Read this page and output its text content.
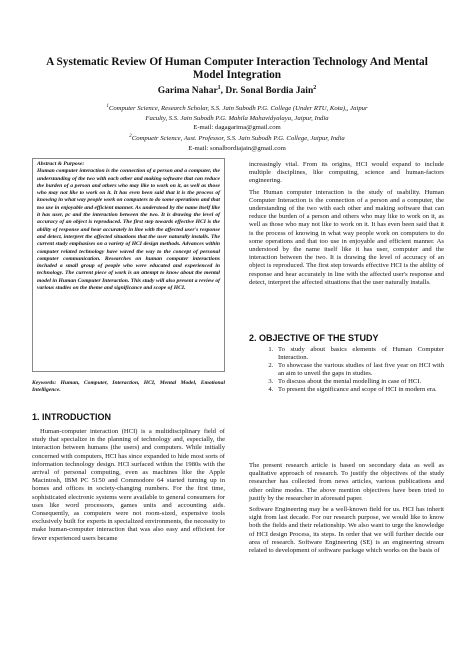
A Systematic Review Of Human Computer Interaction Technology And Mental Model Integration

Garima Nahar$^1$, Dr. Sonal Bordia Jain$^2$

$^1$Computer Science, Research Scholar, S.S. Jain Subodh P.G. College (Under RTU, Kota),, Jaipur
Faculty, S.S. Jain Subodh P.G. Mahila Mahavidyalaya, Jaipur, India
E-mail: dagagarima@gmail.com
$^2$Compuetr Science, Asst. Professor, S.S. Jain Subodh P.G. College, Jaipur, India
E-mail: sonalbordiajain@gmail.com
Abstract & Purpose:
Human computer interaction is the connection of a person and a computer, the understanding of the two with each other and making software that can reduce the burden of a person and others who may like to work on it, as well as those who may not like to work on it. It has even been said that it is the process of knowing in what way people work on computers to do some operations and that too use in enjoyable and efficient manner. As understood by the name itself like it has user, pc and the interaction between the two. It is drawing the level of accuracy of an object is reproduced. The first step towards effective HCI is the ability of response and hear accurately in line with the affected user's response and detect, interpret the affected situations that the user naturally installs. The current study emphasises on a variety of HCI design methods. Advances within computer related technology have waved the way to the concept of personal computer communication. Researches on human computer interactions included a small group of people who were educated and experienced in technology. The current piece of work is an attempt to know about the mental model in Human Computer Interaction. This study will also present a review of various studies on the theme and significance and scope of HCI.
Keywords: Human, Computer, Interaction, HCI, Mental Model, Emotional Intelligence.
1. INTRODUCTION

Human-computer interaction (HCI) is a multidisciplinary field of study that specialize in the planning of technology and, especially, the interaction between humans (the users) and computers. While initially concerned with computers, HCI has since expanded to hide most sorts of information technology design. HCI surfaced within the 1980s with the arrival of personal computing, even as machines like the Apple Macintosh, IBM PC 5150 and Commodore 64 started turning up in homes and offices in society-changing numbers. For the first time, sophisticated electronic systems were available to general consumers for uses like word processors, games units and accounting aids. Consequently, as computers were not room-sized, expensive tools exclusively built for experts in specialized environments, the necessity to make human-computer interaction that was also easy and efficient for fewer experienced users became

increasingly vital. From its origins, HCI would expand to include multiple disciplines, like computing, science and human-factors engineering.

The Human computer interaction is the study of usability. Human Computer Interaction is the connection of a person and a computer, the understanding of the two with each other and making software that can reduce the burden of a person and others who may like to work on it, as well as those who may not like to work on it. It has even been said that it is the process of knowing in what way people work on computers to do some operations and that too use in enjoyable and efficient manner. As understood by the name itself like it has user, computer and the interaction between the two. It is drawing the level of accuracy of an object is reproduced. The first step towards effective HCI is the ability of response and hear accurately in line with the affected user's response and detect, interpret the affected situations that the user naturally installs.

2. OBJECTIVE OF THE STUDY
1. To study about basics elements of Human Computer Interaction.
2. To showcase the various studies of last five year on HCI with an aim to unveil the gaps in studies.
3. To discuss about the mental modelling in case of HCI.
4. To present the significance and scope of HCI in modern era.

The present research article is based on secondary data as well as qualitative approach of research. To justify the objectives of the study researcher has collected from news articles, various publications and other online modes. The above mention objectives have been tried to justify by the researcher in aforesaid paper.

Software Engineering may be a well-known field for us. HCI has inherit sight from last decade. For our research purpose, we would like to know both the fields and their relationship. We also want to urge the knowledge of HCI design Process, its steps. In order that we will further decide our area of research. Software Engineering (SE) is an engineering stream related to development of software package which works on the basis of
